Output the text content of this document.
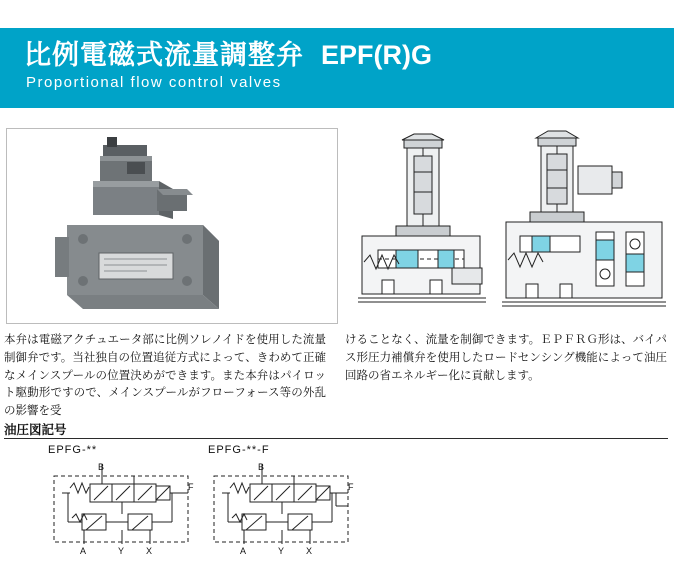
比例電磁式流量調整弁 EPF(R)G
Proportional flow control valves
本弁は電磁アクチュエータ部に比例ソレノイドを使用した流量制御弁です。当社独自の位置追従方式によって、きわめて正確なメインスプールの位置決めができます。また本弁はパイロット駆動形ですので、メインスプールがフローフォース等の外乱の影響を受
けることなく、流量を制御できます。ＥＰＦＲＧ形は、バイパス形圧力補償弁を使用したロードセンシング機能によって油圧回路の省エネルギー化に貢献します。
油圧図記号
EPFG-**
B
A	Y X
F
EPFG-**-F
B
A	Y X
F
